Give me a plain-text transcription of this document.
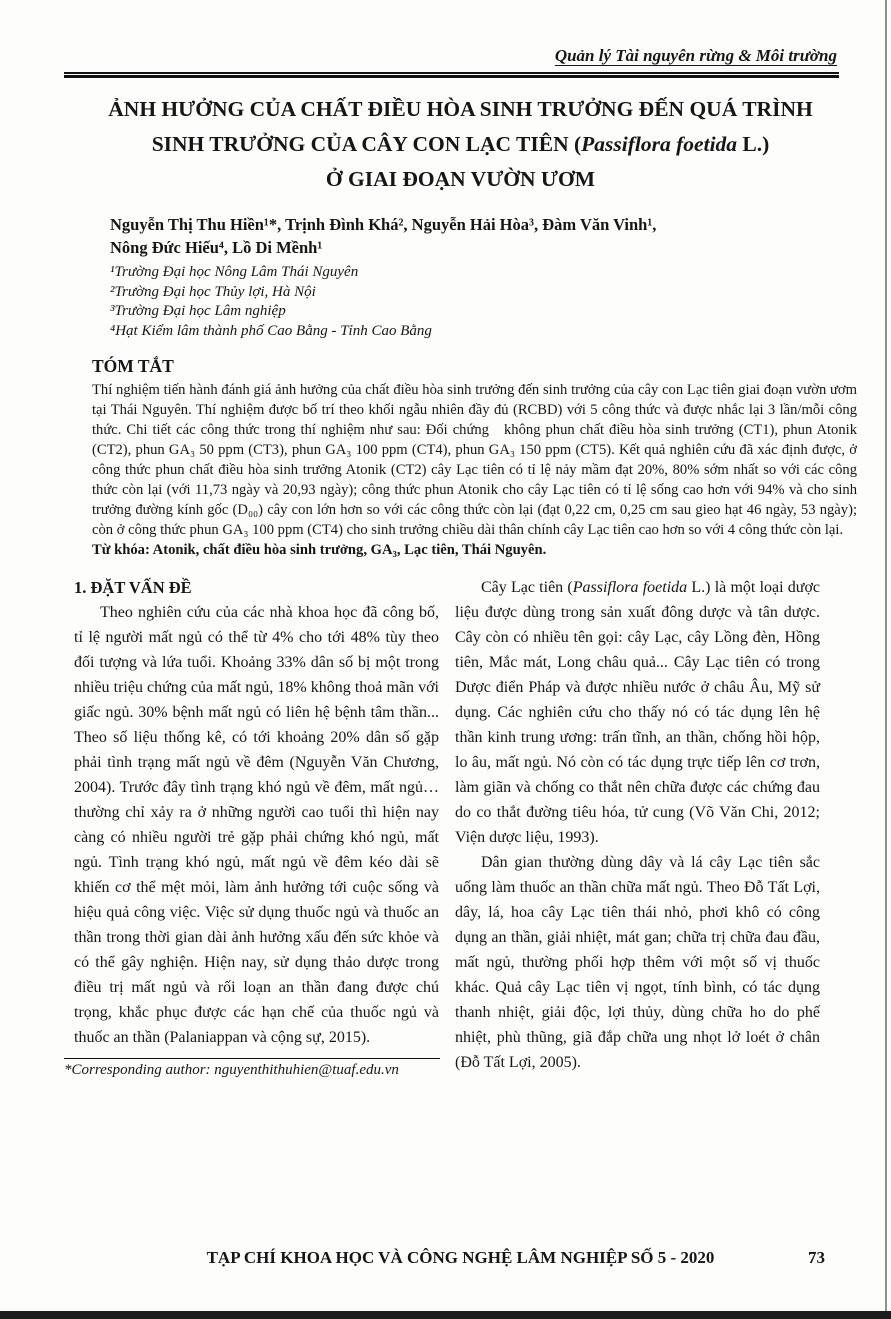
Quản lý Tài nguyên rừng & Môi trường
ẢNH HƯỞNG CỦA CHẤT ĐIỀU HÒA SINH TRƯỞNG ĐẾN QUÁ TRÌNH
SINH TRƯỞNG CỦA CÂY CON LẠC TIÊN (Passiflora foetida L.)
Ở GIAI ĐOẠN VƯỜN ƯƠM
Nguyễn Thị Thu Hiền¹*, Trịnh Đình Khá², Nguyễn Hải Hòa³, Đàm Văn Vinh¹,
Nông Đức Hiếu⁴, Lồ Di Mềnh¹
¹Trường Đại học Nông Lâm Thái Nguyên
²Trường Đại học Thủy lợi, Hà Nội
³Trường Đại học Lâm nghiệp
⁴Hạt Kiểm lâm thành phố Cao Bằng - Tỉnh Cao Bằng
TÓM TẮT

Thí nghiệm tiến hành đánh giá ảnh hưởng của chất điều hòa sinh trưởng đến sinh trưởng của cây con Lạc tiên giai đoạn vườn ươm tại Thái Nguyên. Thí nghiệm được bố trí theo khối ngẫu nhiên đầy đủ (RCBD) với 5 công thức và được nhắc lại 3 lần/mỗi công thức. Chi tiết các công thức trong thí nghiệm như sau: Đối chứng   không phun chất điều hòa sinh trưởng (CT1), phun Atonik (CT2), phun GA₃ 50 ppm (CT3), phun GA₃ 100 ppm (CT4), phun GA₃ 150 ppm (CT5). Kết quả nghiên cứu đã xác định được, ở công thức phun chất điều hòa sinh trưởng Atonik (CT2) cây Lạc tiên có tỉ lệ nảy mầm đạt 20%, 80% sớm nhất so với các công thức còn lại (với 11,73 ngày và 20,93 ngày); công thức phun Atonik cho cây Lạc tiên có tỉ lệ sống cao hơn với 94% và cho sinh trưởng đường kính gốc (D₀₀) cây con lớn hơn so với các công thức còn lại (đạt 0,22 cm, 0,25 cm sau gieo hạt 46 ngày, 53 ngày); còn ở công thức phun GA₃ 100 ppm (CT4) cho sinh trưởng chiều dài thân chính cây Lạc tiên cao hơn so với 4 công thức còn lại.

Từ khóa: Atonik, chất điều hòa sinh trưởng, GA₃, Lạc tiên, Thái Nguyên.

1. ĐẶT VẤN ĐỀ

Theo nghiên cứu của các nhà khoa học đã công bố, tỉ lệ người mất ngủ có thể từ 4% cho tới 48% tùy theo đối tượng và lứa tuổi. Khoảng 33% dân số bị một trong nhiều triệu chứng của mất ngủ, 18% không thoả mãn với giấc ngủ. 30% bệnh mất ngủ có liên hệ bệnh tâm thần... Theo số liệu thống kê, có tới khoảng 20% dân số gặp phải tình trạng mất ngủ về đêm (Nguyễn Văn Chương, 2004). Trước đây tình trạng khó ngủ về đêm, mất ngủ… thường chỉ xảy ra ở những người cao tuổi thì hiện nay càng có nhiều người trẻ gặp phải chứng khó ngủ, mất ngủ. Tình trạng khó ngủ, mất ngủ về đêm kéo dài sẽ khiến cơ thể mệt mỏi, làm ảnh hưởng tới cuộc sống và hiệu quả công việc. Việc sử dụng thuốc ngủ và thuốc an thần trong thời gian dài ảnh hưởng xấu đến sức khỏe và có thể gây nghiện. Hiện nay, sử dụng thảo dược trong điều trị mất ngủ và rối loạn an thần đang được chú trọng, khắc phục được các hạn chế của thuốc ngủ và thuốc an thần (Palaniappan và cộng sự, 2015).

*Corresponding author: nguyenthithuhien@tuaf.edu.vn

Cây Lạc tiên (Passiflora foetida L.) là một loại dược liệu được dùng trong sản xuất đông dược và tân dược. Cây còn có nhiều tên gọi: cây Lạc, cây Lồng đèn, Hồng tiên, Mắc mát, Long châu quả... Cây Lạc tiên có trong Dược điển Pháp và được nhiều nước ở châu Âu, Mỹ sử dụng. Các nghiên cứu cho thấy nó có tác dụng lên hệ thần kinh trung ương: trấn tĩnh, an thần, chống hồi hộp, lo âu, mất ngủ. Nó còn có tác dụng trực tiếp lên cơ trơn, làm giãn và chống co thắt nên chữa được các chứng đau do co thắt đường tiêu hóa, tử cung (Võ Văn Chi, 2012; Viện dược liệu, 1993).

Dân gian thường dùng dây và lá cây Lạc tiên sắc uống làm thuốc an thần chữa mất ngủ. Theo Đỗ Tất Lợi, dây, lá, hoa cây Lạc tiên thái nhỏ, phơi khô có công dụng an thần, giải nhiệt, mát gan; chữa trị chữa đau đầu, mất ngủ, thường phối hợp thêm với một số vị thuốc khác. Quả cây Lạc tiên vị ngọt, tính bình, có tác dụng thanh nhiệt, giải độc, lợi thủy, dùng chữa ho do phế nhiệt, phù thũng, giã đắp chữa ung nhọt lở loét ở chân (Đỗ Tất Lợi, 2005).

TẠP CHÍ KHOA HỌC VÀ CÔNG NGHỆ LÂM NGHIỆP SỐ 5 - 2020	73
